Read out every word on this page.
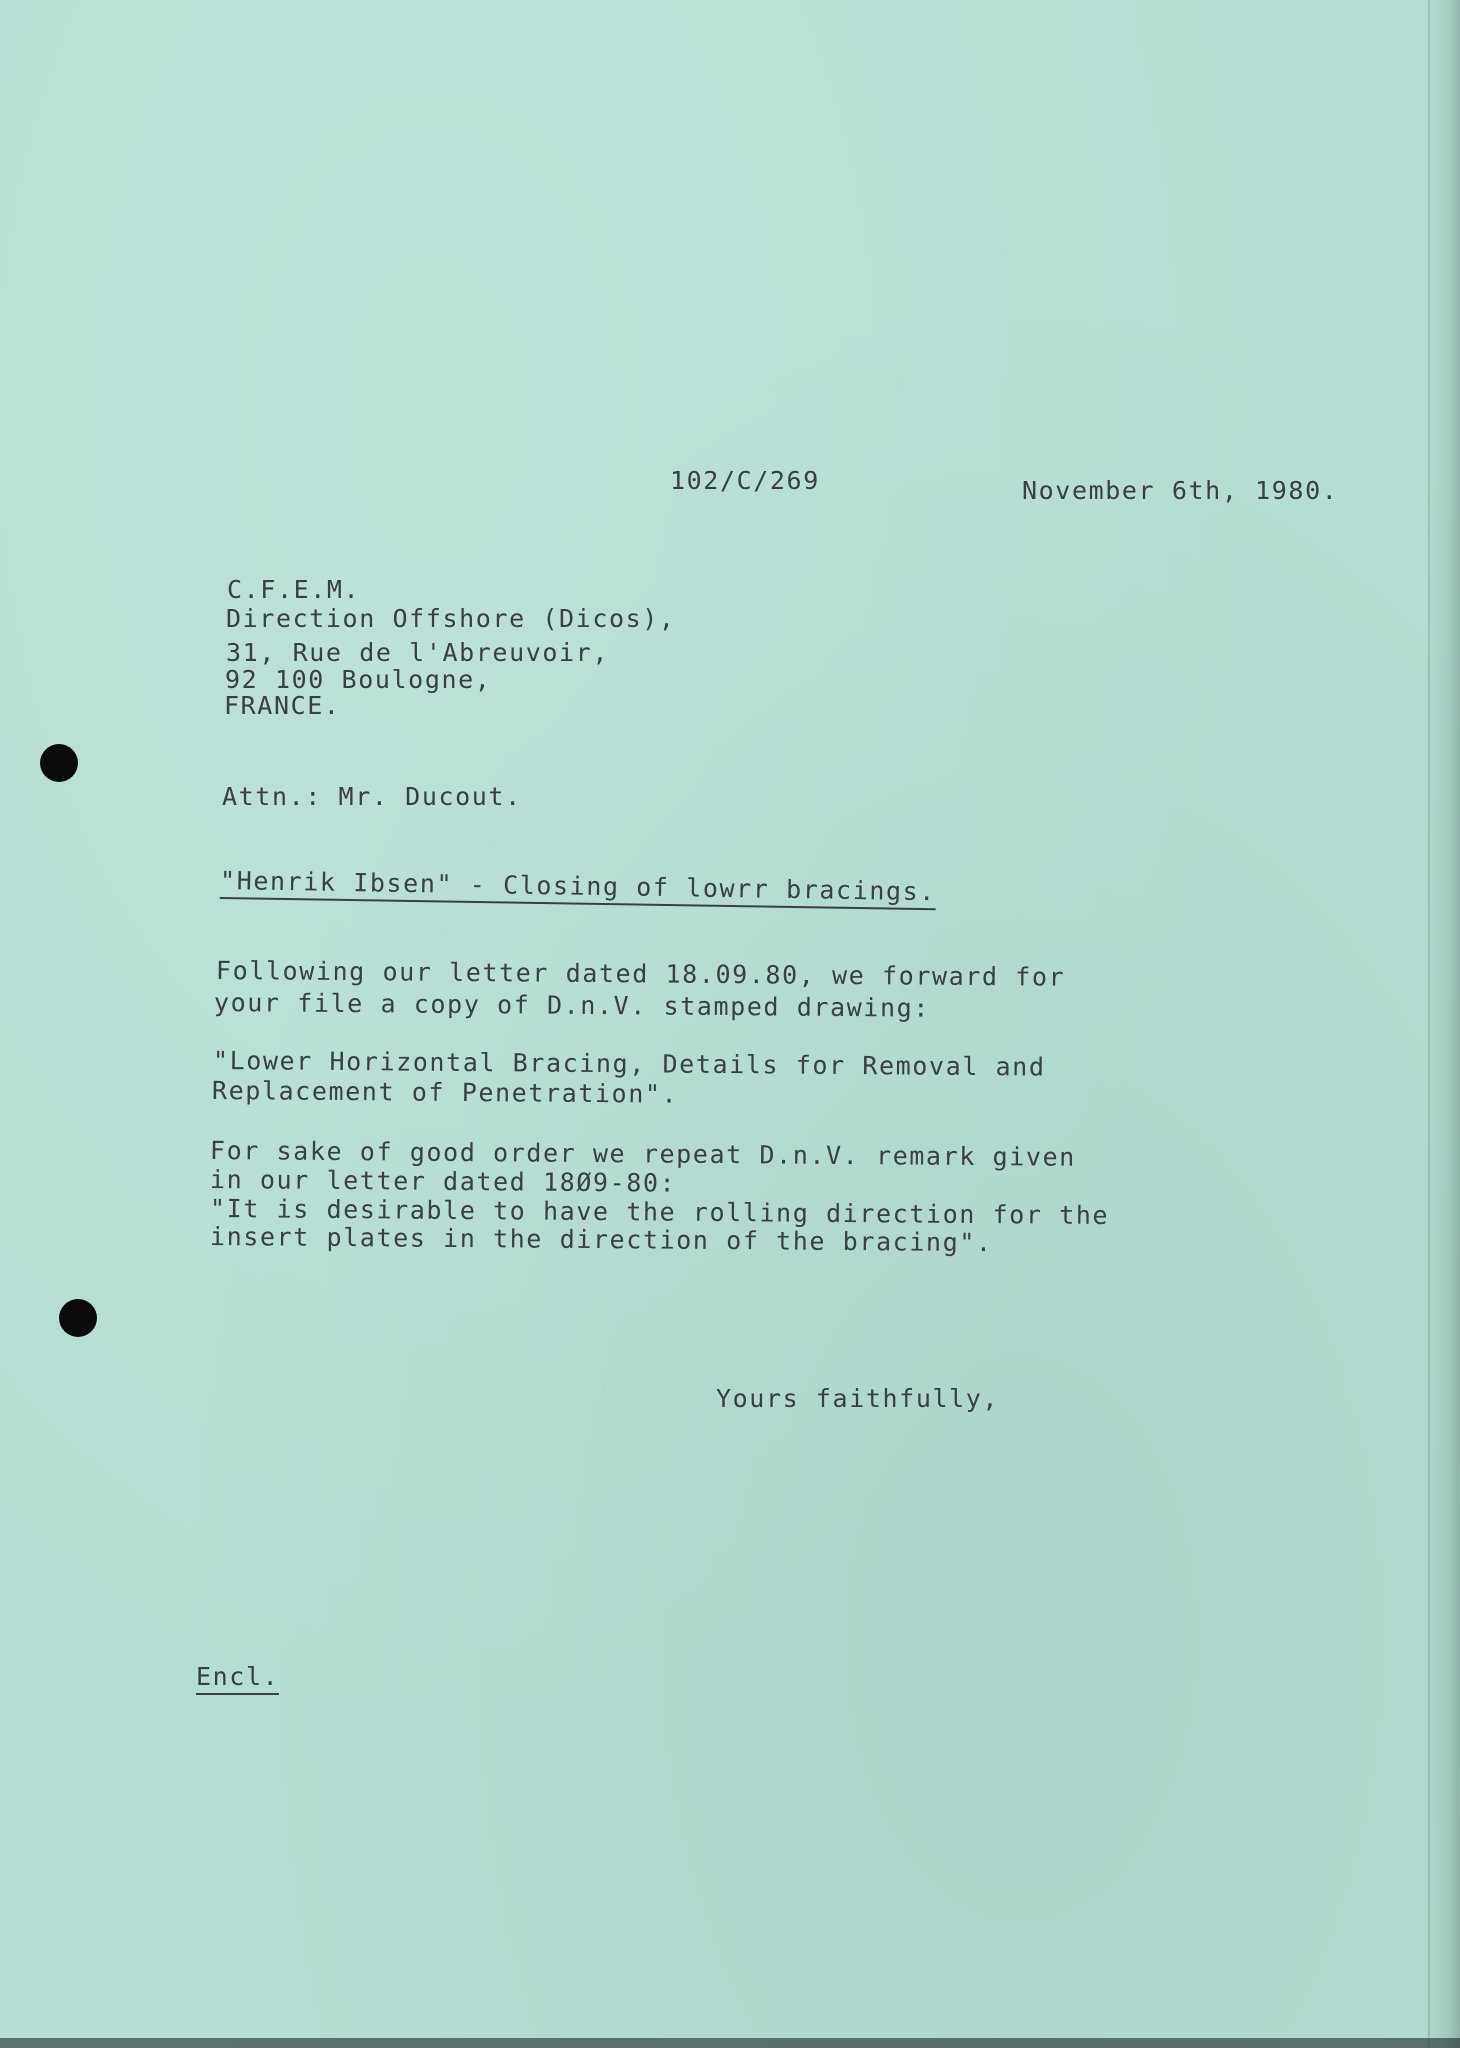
102/C/269	November 6th, 1980.
C.F.E.M.
Direction Offshore (Dicos),
31, Rue de l'Abreuvoir,
92 100 Boulogne,
FRANCE.
Attn.: Mr. Ducout.
"Henrik Ibsen" - Closing of lowrr bracings.
Following our letter dated 18.09.80, we forward for
your file a copy of D.n.V. stamped drawing:
"Lower Horizontal Bracing, Details for Removal and
Replacement of Penetration".
For sake of good order we repeat D.n.V. remark given
in our letter dated 18Ø9-80:
"It is desirable to have the rolling direction for the
insert plates in the direction of the bracing".
Yours faithfully,
Encl.
